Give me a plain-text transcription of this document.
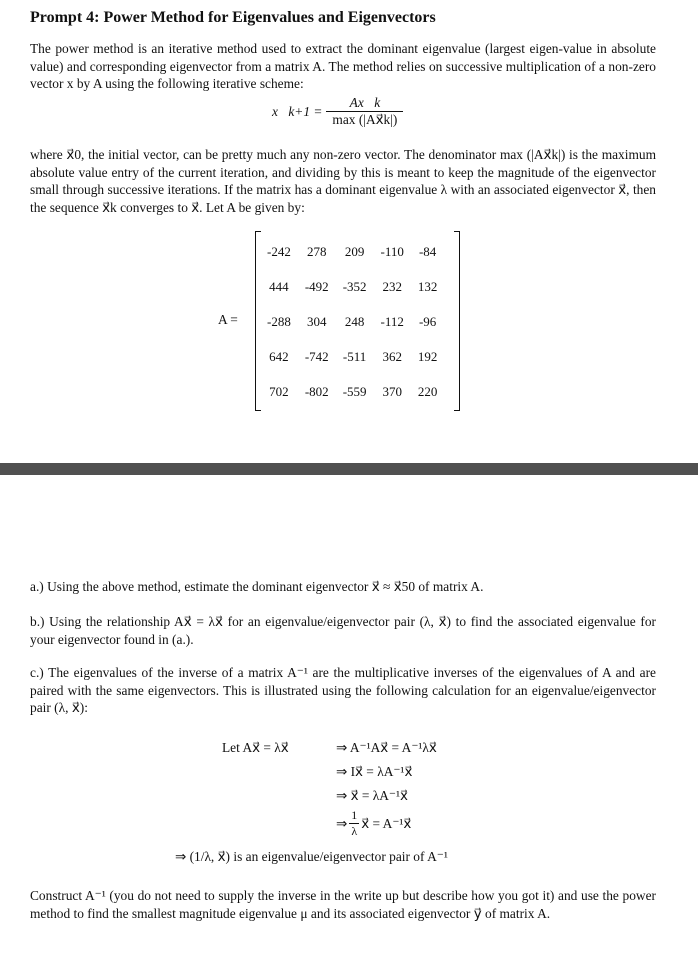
Prompt 4: Power Method for Eigenvalues and Eigenvectors
The power method is an iterative method used to extract the dominant eigenvalue (largest eigen-value in absolute value) and corresponding eigenvector from a matrix A. The method relies on successive multiplication of a non-zero vector x by A using the following iterative scheme:
x⃗k+1 = $\frac{Ax⃗k}{\max (|Ax⃗k|)}$
where x⃗0, the initial vector, can be pretty much any non-zero vector. The denominator max (|Ax⃗k|) is the maximum absolute value entry of the current iteration, and dividing by this is meant to keep the magnitude of the eigenvector small through successive iterations. If the matrix has a dominant eigenvalue λ with an associated eigenvector x⃗, then the sequence x⃗k converges to x⃗. Let A be given by:
A =
-242	278	209	-110	-84
444	-492	-352	232	132
-288	304	248	-112	-96
642	-742	-511	362	192
702	-802	-559	370	220
a.) Using the above method, estimate the dominant eigenvector x⃗ ≈ x⃗50 of matrix A.
b.) Using the relationship Ax⃗ = λx⃗ for an eigenvalue/eigenvector pair (λ, x⃗) to find the associated eigenvalue for your eigenvector found in (a.).
c.) The eigenvalues of the inverse of a matrix A⁻¹ are the multiplicative inverses of the eigenvalues of A and are paired with the same eigenvectors. This is illustrated using the following calculation for an eigenvalue/eigenvector pair (λ, x⃗):
Let Ax⃗ = λx⃗	⇒ A⁻¹Ax⃗ = A⁻¹λx⃗
⇒ Ix⃗ = λA⁻¹x⃗
⇒ x⃗ = λA⁻¹x⃗
⇒ $\frac{1}{\lambda}$ x⃗ = A⁻¹x⃗
⇒ (1/λ, x⃗) is an eigenvalue/eigenvector pair of A⁻¹
Construct A⁻¹ (you do not need to supply the inverse in the write up but describe how you got it) and use the power method to find the smallest magnitude eigenvalue μ and its associated eigenvector y⃗ of matrix A.
